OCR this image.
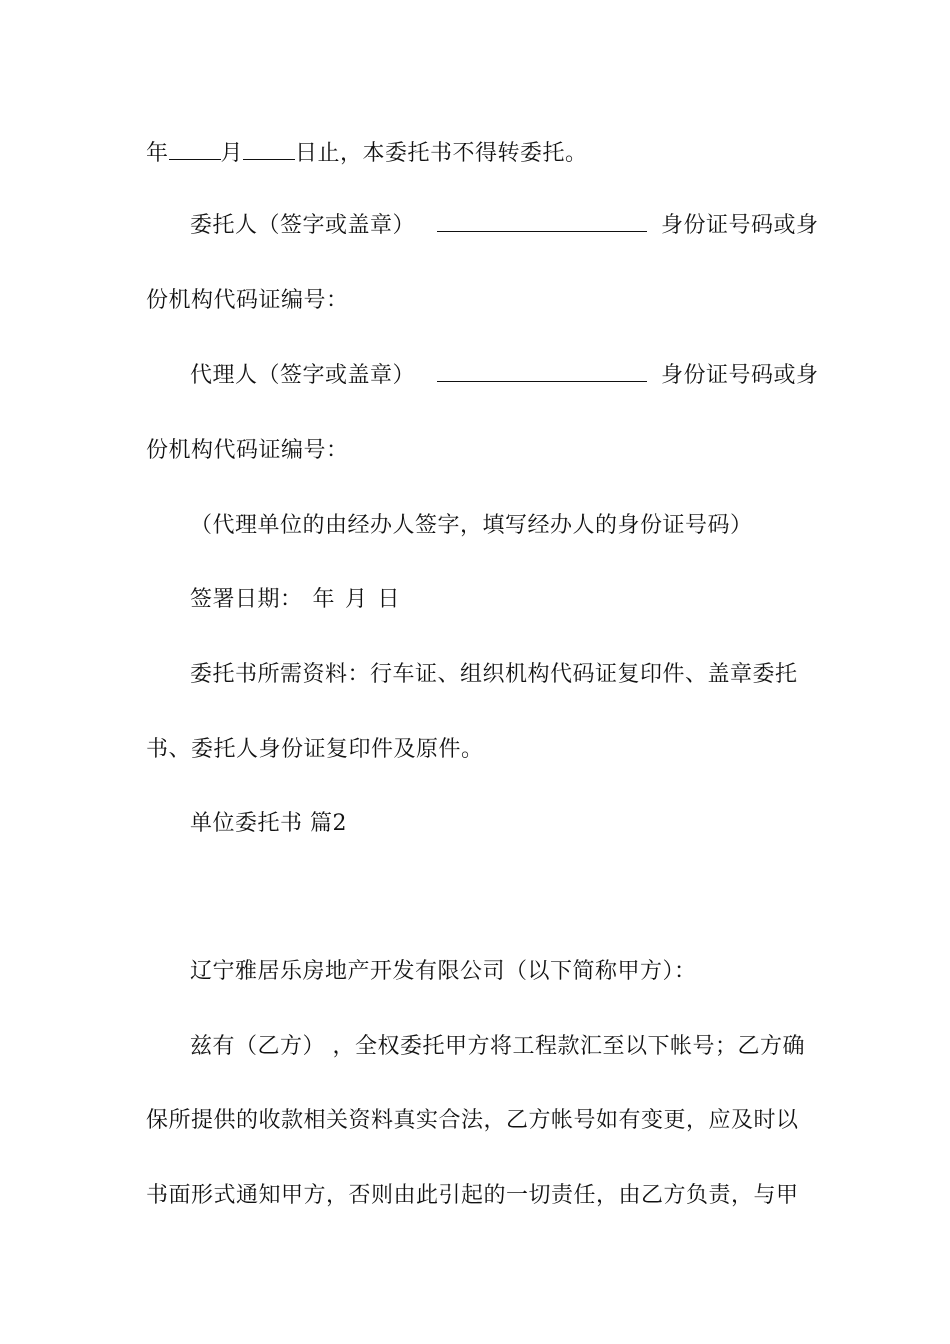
年 月 日止，本委托书不得转委托。
委托人（签字或盖章）	身份证号码或身
份机构代码证编号：
代理人（签字或盖章）	身份证号码或身
份机构代码证编号：
（代理单位的由经办人签字，填写经办人的身份证号码）
签署日期： 年 月 日
委托书所需资料：行车证、组织机构代码证复印件、盖章委托
书、委托人身份证复印件及原件。
单位委托书 篇2
辽宁雅居乐房地产开发有限公司（以下简称甲方）：
兹有（乙方） ，全权委托甲方将工程款汇至以下帐号；乙方确
保所提供的收款相关资料真实合法，乙方帐号如有变更，应及时以
书面形式通知甲方，否则由此引起的一切责任，由乙方负责，与甲
